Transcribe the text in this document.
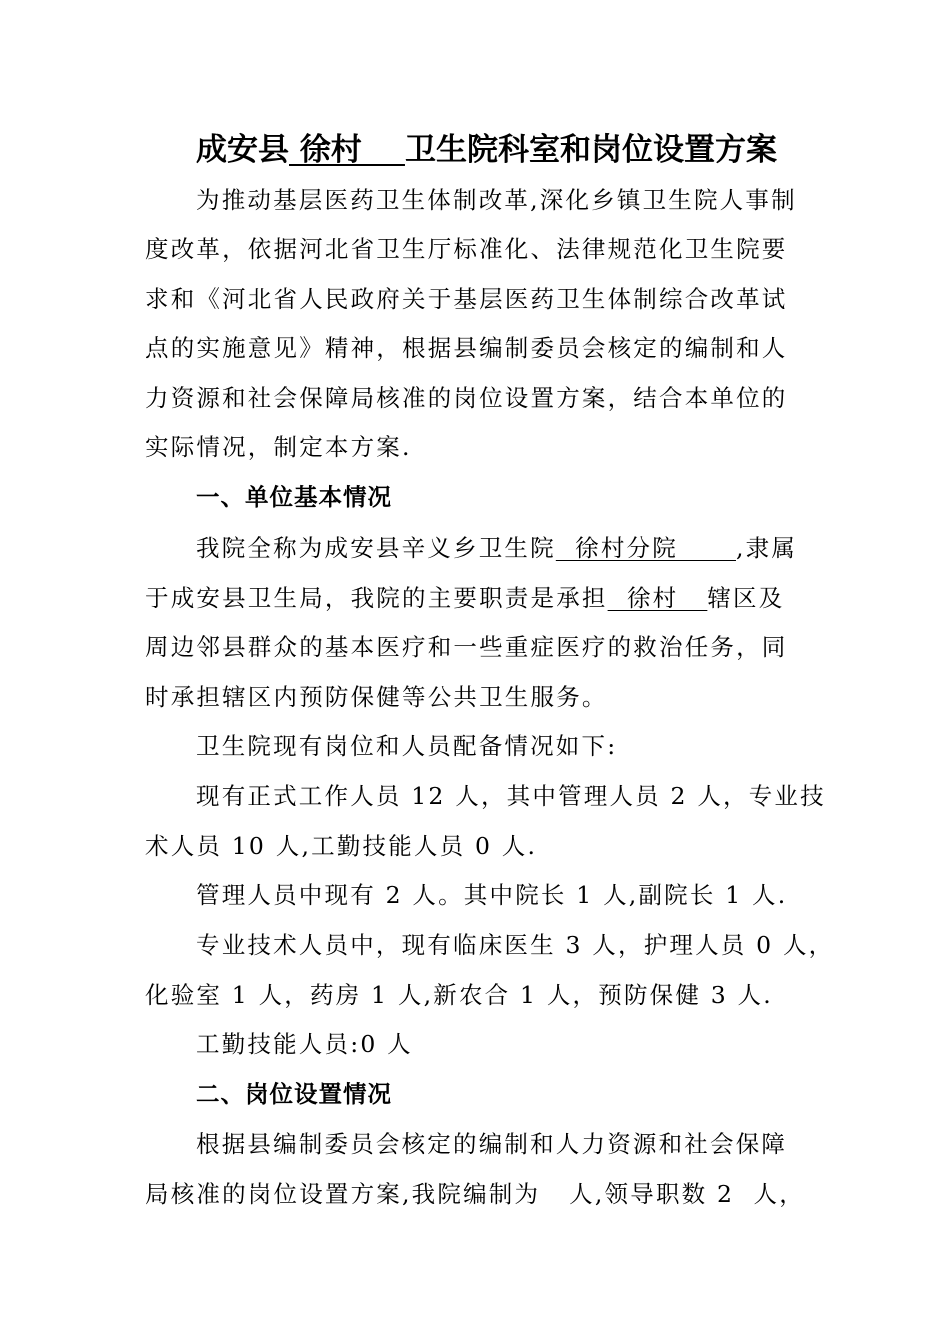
成安县 徐村    卫生院科室和岗位设置方案
为推动基层医药卫生体制改革,深化乡镇卫生院人事制
度改革，依据河北省卫生厅标准化、法律规范化卫生院要
求和《河北省人民政府关于基层医药卫生体制综合改革试
点的实施意见》精神，根据县编制委员会核定的编制和人
力资源和社会保障局核准的岗位设置方案，结合本单位的
实际情况，制定本方案.
一、单位基本情况
我院全称为成安县辛义乡卫生院  徐村分院      ,隶属
于成安县卫生局，我院的主要职责是承担  徐村   辖区及
周边邻县群众的基本医疗和一些重症医疗的救治任务，同
时承担辖区内预防保健等公共卫生服务。
卫生院现有岗位和人员配备情况如下:
现有正式工作人员 12 人，其中管理人员 2 人，专业技
术人员 10 人,工勤技能人员 0 人.
管理人员中现有 2 人。其中院长 1 人,副院长 1 人.
专业技术人员中，现有临床医生 3 人，护理人员 0 人，
化验室 1 人，药房 1 人,新农合 1 人，预防保健 3 人.
工勤技能人员:0 人
二、岗位设置情况
根据县编制委员会核定的编制和人力资源和社会保障
局核准的岗位设置方案,我院编制为   人,领导职数 2  人，
